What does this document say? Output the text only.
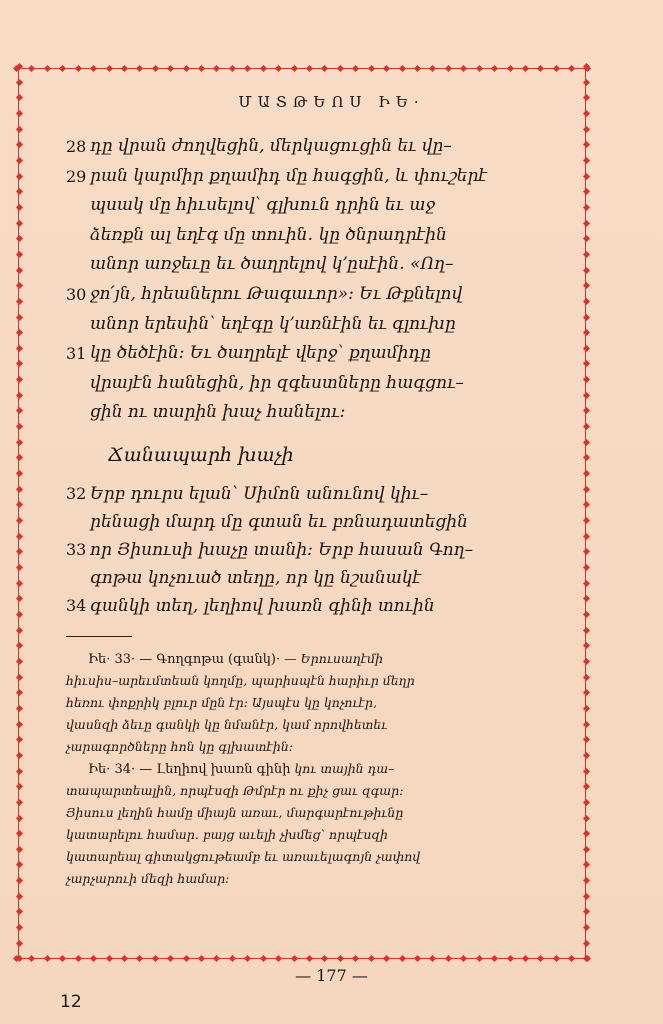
ՄԱՏԹԵՈՍ ԻԵ·
28 դը վրան ժողվեցին, մերկացուցին եւ վը–
29 րան կարմիր քղամիդ մը հագցին, և փուշերէ
պսակ մը հիւսելով՝ գլխուն դրին եւ աջ
ձեռքն ալ եղէգ մը տուին․ կը ծնրադրէին
անոր առջեւը եւ ծաղրելով կ՚ըսէին․ «Ող–
30 ջո՛յն, հրեաներու Թագաւոր»։ Եւ Թքնելով
անոր երեսին՝ եղէգը կ՚առնէին եւ գլուխը
31 կը ծեծէին։ Եւ ծաղրելէ վերջ՝ քղամիդը
վրայէն հանեցին, իր զգեստները հագցու–
ցին ու տարին խաչ հանելու։
Ճանապարհ խաչի
32 Երբ դուրս ելան՝ Սիմոն անունով կիւ–
րենացի մարդ մը գտան եւ բռնադատեցին
33 որ Յիսուսի խաչը տանի։ Երբ հասան Գող–
գոթա կոչուած տեղը, որ կը նշանակէ
34 գանկի տեղ, լեղիով խառն գինի տուին
Իե· 33· — Գողգոթա (գանկ)· — Երուսաղէմի
հիւսիս–արեւմտեան կողմը, պարիսպէն հարիւր մեղր
հեռու փոքրիկ բլուր մըն էր։ Այսպէս կը կոչուէր,
վասնզի ձեւը գանկի կը նմանէր, կամ որովհետեւ
չարագործները հոն կը գլխատէին։
Իե· 34· — Լեղիով խառն գինի կու տային դա–
տապարտեալին, որպէսզի Թմրէր ու քիչ ցաւ զգար։
Յիսուս լեղին համը միայն առաւ, մարգարէութիւնը
կատարելու համար․ բայց աւելի չխմեց՝ որպէսզի
կատարեալ գիտակցութեամբ եւ առաւելագոյն չափով
չարչարուի մեզի համար։
— 177 —
12
